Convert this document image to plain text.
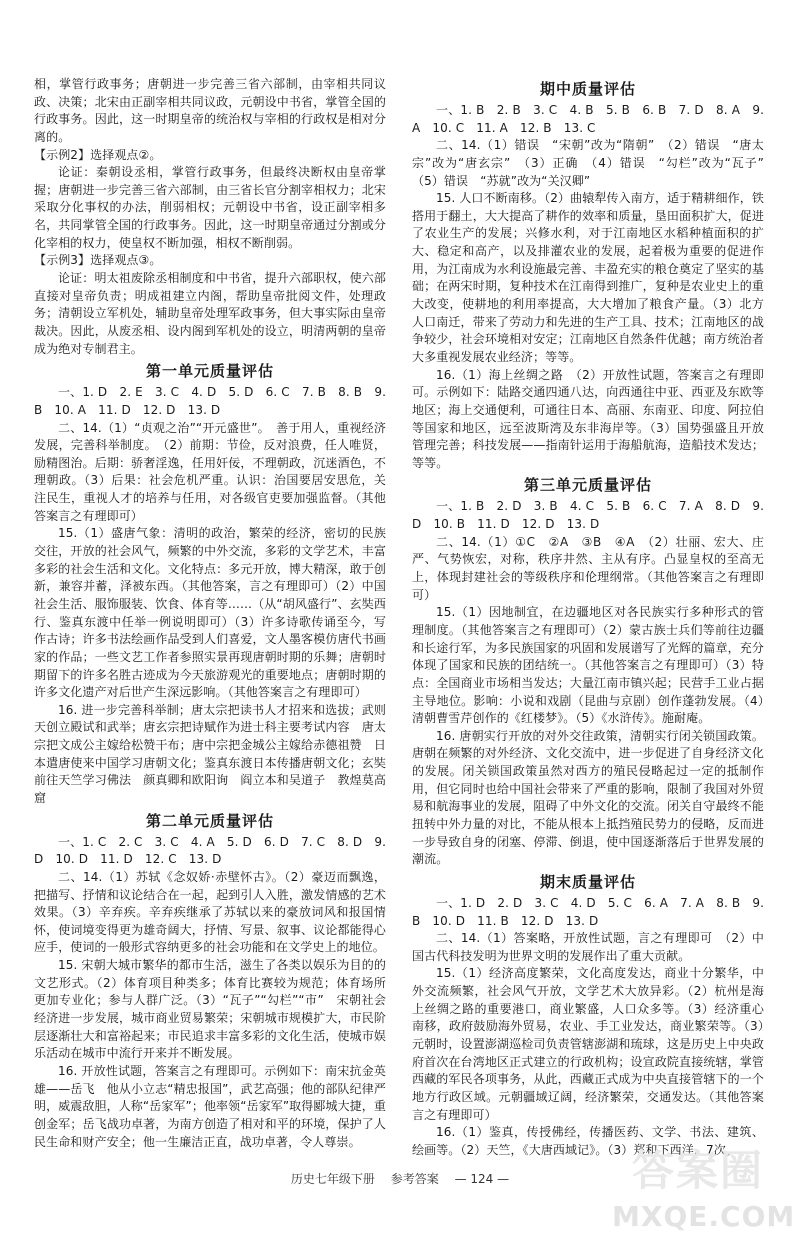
相，掌管行政事务；唐朝进一步完善三省六部制，由宰相共同议政、决策；北宋由正副宰相共同议政，元朝设中书省，掌管全国的行政事务。因此，这一时期皇帝的统治权与宰相的行政权是相对分离的。

【示例2】选择观点②。

论证：秦朝设丞相，掌管行政事务，但最终决断权由皇帝掌握；唐朝进一步完善三省六部制，由三省长官分割宰相权力；北宋采取分化事权的办法，削弱相权；元朝设中书省，设正副宰相多名，共同掌管全国的行政事务。因此，这一时期皇帝通过分割或分化宰相的权力，使皇权不断加强，相权不断削弱。

【示例3】选择观点③。

论证：明太祖废除丞相制度和中书省，提升六部职权，使六部直接对皇帝负责；明成祖建立内阁，帮助皇帝批阅文件，处理政务；清朝设立军机处，辅助皇帝处理军政事务，但大事实际由皇帝裁决。因此，从废丞相、设内阁到军机处的设立，明清两朝的皇帝成为绝对专制君主。

第一单元质量评估

一、1. D　2. E　3. C　4. D　5. D　6. C　7. B　8. B　9. B　10. A　11. D　12. D　13. D

二、14.（1）“贞观之治”“开元盛世”。　善于用人，重视经济发展，完善科举制度。　（2）前期：节俭，反对浪费，任人唯贤，励精图治。后期：骄奢淫逸，任用奸佞，不理朝政，沉迷酒色，不理朝政。（3）后果：社会危机严重。认识：治国要居安思危，关注民生，重视人才的培养与任用，对各级官吏要加强监督。（其他答案言之有理即可）

15.（1）盛唐气象：清明的政治，繁荣的经济，密切的民族交往，开放的社会风气，频繁的中外交流，多彩的文学艺术，丰富多彩的社会生活和文化。文化特点：多元开放，博大精深，敢于创新，兼容并蓄，泽被东西。（其他答案，言之有理即可）（2）中国社会生活、服饰服装、饮食、体育等……（从“胡风盛行”、玄奘西行、鉴真东渡中任举一例说明即可）（3）许多诗歌传诵至今，写作古诗；许多书法绘画作品受到人们喜爱，文人墨客模仿唐代书画家的作品；一些文艺工作者参照实景再现唐朝时期的乐舞；唐朝时期留下的许多名胜古迹成为今天旅游观光的重要地点；唐朝时期的许多文化遗产对后世产生深远影响。（其他答案言之有理即可）

16. 进一步完善科举制；唐太宗把读书人才招来和选拔；武则天创立殿试和武举；唐玄宗把诗赋作为进士科主要考试内容　唐太宗把文成公主嫁给松赞干布；唐中宗把金城公主嫁给赤德祖赞　日本遣唐使来中国学习唐朝文化；鉴真东渡日本传播唐朝文化；玄奘前往天竺学习佛法　颜真卿和欧阳询　阎立本和吴道子　教煌莫高窟

第二单元质量评估

一、1. C　2. C　3. C　4. A　5. D　6. D　7. C　8. D　9. D　10. D　11. D　12. C　13. D

二、14.（1）苏轼《念奴娇·赤壁怀古》。（2）豪迈而飘逸，把描写、抒情和议论结合在一起，起到引人入胜，激发情感的艺术效果。（3）辛弃疾。辛弃疾继承了苏轼以来的豪放词风和报国情怀，使词境变得更为雄奇阔大，抒情、写景、叙事、议论都能得心应手，使词的一般形式容纳更多的社会功能和在文学史上的地位。

15. 宋朝大城市繁华的都市生活，滋生了各类以娱乐为目的的文艺形式。（2）体育项目种类多；体育比赛较为规范；体育场所更加专业化；参与人群广泛。（3）“瓦子”“勾栏”“市”　宋朝社会经济进一步发展，城市商业贸易繁荣；宋朝城市规模扩大，市民阶层逐渐壮大和富裕起来；市民追求丰富多彩的文化生活，使城市娱乐活动在城市中流行开来并不断发展。

16. 开放性试题，答案言之有理即可。示例如下：南宋抗金英雄——岳飞　他从小立志“精忠报国”，武艺高强；他的部队纪律严明，威震敌胆，人称“岳家军”；他率领“岳家军”取得郾城大捷，重创金军；岳飞战功卓著，为南方创造了相对和平的环境，保护了人民生命和财产安全；他一生廉洁正直，战功卓著，令人尊崇。

期中质量评估

一、1. B　2. B　3. C　4. B　5. B　6. B　7. D　8. A　9. A　10. C　11. A　12. B　13. C

二、14.（1）错误　“宋朝”改为“隋朝”　（2）错误　“唐太宗”改为“唐玄宗”　（3）正确　（4）错误　“勾栏”改为“瓦子”　（5）错误　“苏就”改为“关汉卿”

15. 人口不断南移。（2）曲辕犁传入南方，适于精耕细作，铁搭用于翻土，大大提高了耕作的效率和质量，垦田面积扩大，促进了农业生产的发展；兴修水利，对于江南地区水稻种植面积的扩大、稳定和高产，以及排灌农业的发展，起着极为重要的促进作用，为江南成为水利设施最完善、丰盈充实的粮仓奠定了坚实的基础；在两宋时期，复种技术在江南得到推广，复种是农业史上的重大改变，使耕地的利用率提高，大大增加了粮食产量。（3）北方人口南迁，带来了劳动力和先进的生产工具、技术；江南地区的战争较少，社会环境相对安定；江南地区自然条件优越；南方统治者大多重视发展农业经济；等等。

16.（1）海上丝绸之路　（2）开放性试题，答案言之有理即可。示例如下：陆路交通四通八达，向西通往中亚、西亚及东欧等地区；海上交通便利，可通往日本、高丽、东南亚、印度、阿拉伯等国家和地区，远至波斯湾及东非海岸等。（3）国势强盛且开放管理完善；科技发展——指南针运用于海船航海，造船技术发达；等等。

第三单元质量评估

一、1. B　2. D　3. B　4. C　5. B　6. C　7. A　8. D　9. D　10. B　11. D　12. D　13. D

二、14.（1）①C　②A　③B　④A　（2）壮丽、宏大、庄严、气势恢宏，对称，秩序井然、主从有序。凸显皇权的至高无上，体现封建社会的等级秩序和伦理纲常。（其他答案言之有理即可）

15.（1）因地制宜，在边疆地区对各民族实行多种形式的管理制度。（其他答案言之有理即可）（2）蒙古族士兵们等前往边疆和长途行军，为多民族国家的巩固和发展谱写了光辉的篇章，充分体现了国家和民族的团结统一。（其他答案言之有理即可）（3）特点：全国商业市场相当发达；大量江南市镇兴起；民营手工业占据主导地位。影响：小说和戏剧（昆曲与京剧）创作蓬勃发展。（4）清朝曹雪芹创作的《红楼梦》。（5）《水浒传》。施耐庵。

16. 唐朝实行开放的对外交往政策，清朝实行闭关锁国政策。唐朝在频繁的对外经济、文化交流中，进一步促进了自身经济文化的发展。闭关锁国政策虽然对西方的殖民侵略起过一定的抵制作用，但它同时也给中国社会带来了严重的影响，限制了我国对外贸易和航海事业的发展，阻碍了中外文化的交流。闭关自守最终不能扭转中外力量的对比，不能从根本上抵挡殖民势力的侵略，反而进一步导致自身的闭塞、停滞、倒退，使中国逐渐落后于世界发展的潮流。

期末质量评估

一、1. D　2. D　3. C　4. D　5. C　6. A　7. A　8. B　9. B　10. D　11. B　12. D　13. D

二、14.（1）答案略，开放性试题，言之有理即可　（2）中国古代科技发明为世界文明的发展作出了重大贡献。

15.（1）经济高度繁荣，文化高度发达，商业十分繁华，中外交流频繁，社会风气开放，文学艺术大放异彩。（2）杭州是海上丝绸之路的重要港口，商业繁盛，人口众多等。（3）经济重心南移，政府鼓励海外贸易，农业、手工业发达，商业繁荣等。（3）元朝时，设置澎湖巡检司负责管辖澎湖和琉球，这是历史上中央政府首次在台湾地区正式建立的行政机构；设宣政院直接统辖，掌管西藏的军民各项事务，从此，西藏正式成为中央直接管辖下的一个地方行政区域。元朝疆域辽阔，经济繁荣，交通发达。（其他答案言之有理即可）

16.（1）鉴真，传授佛经，传播医药、文学、书法、建筑、绘画等。（2）天竺，《大唐西域记》。（3）郑和下西洋，7次。

历史七年级下册 参考答案 — 124 —	答案圈
MXQE.COM
